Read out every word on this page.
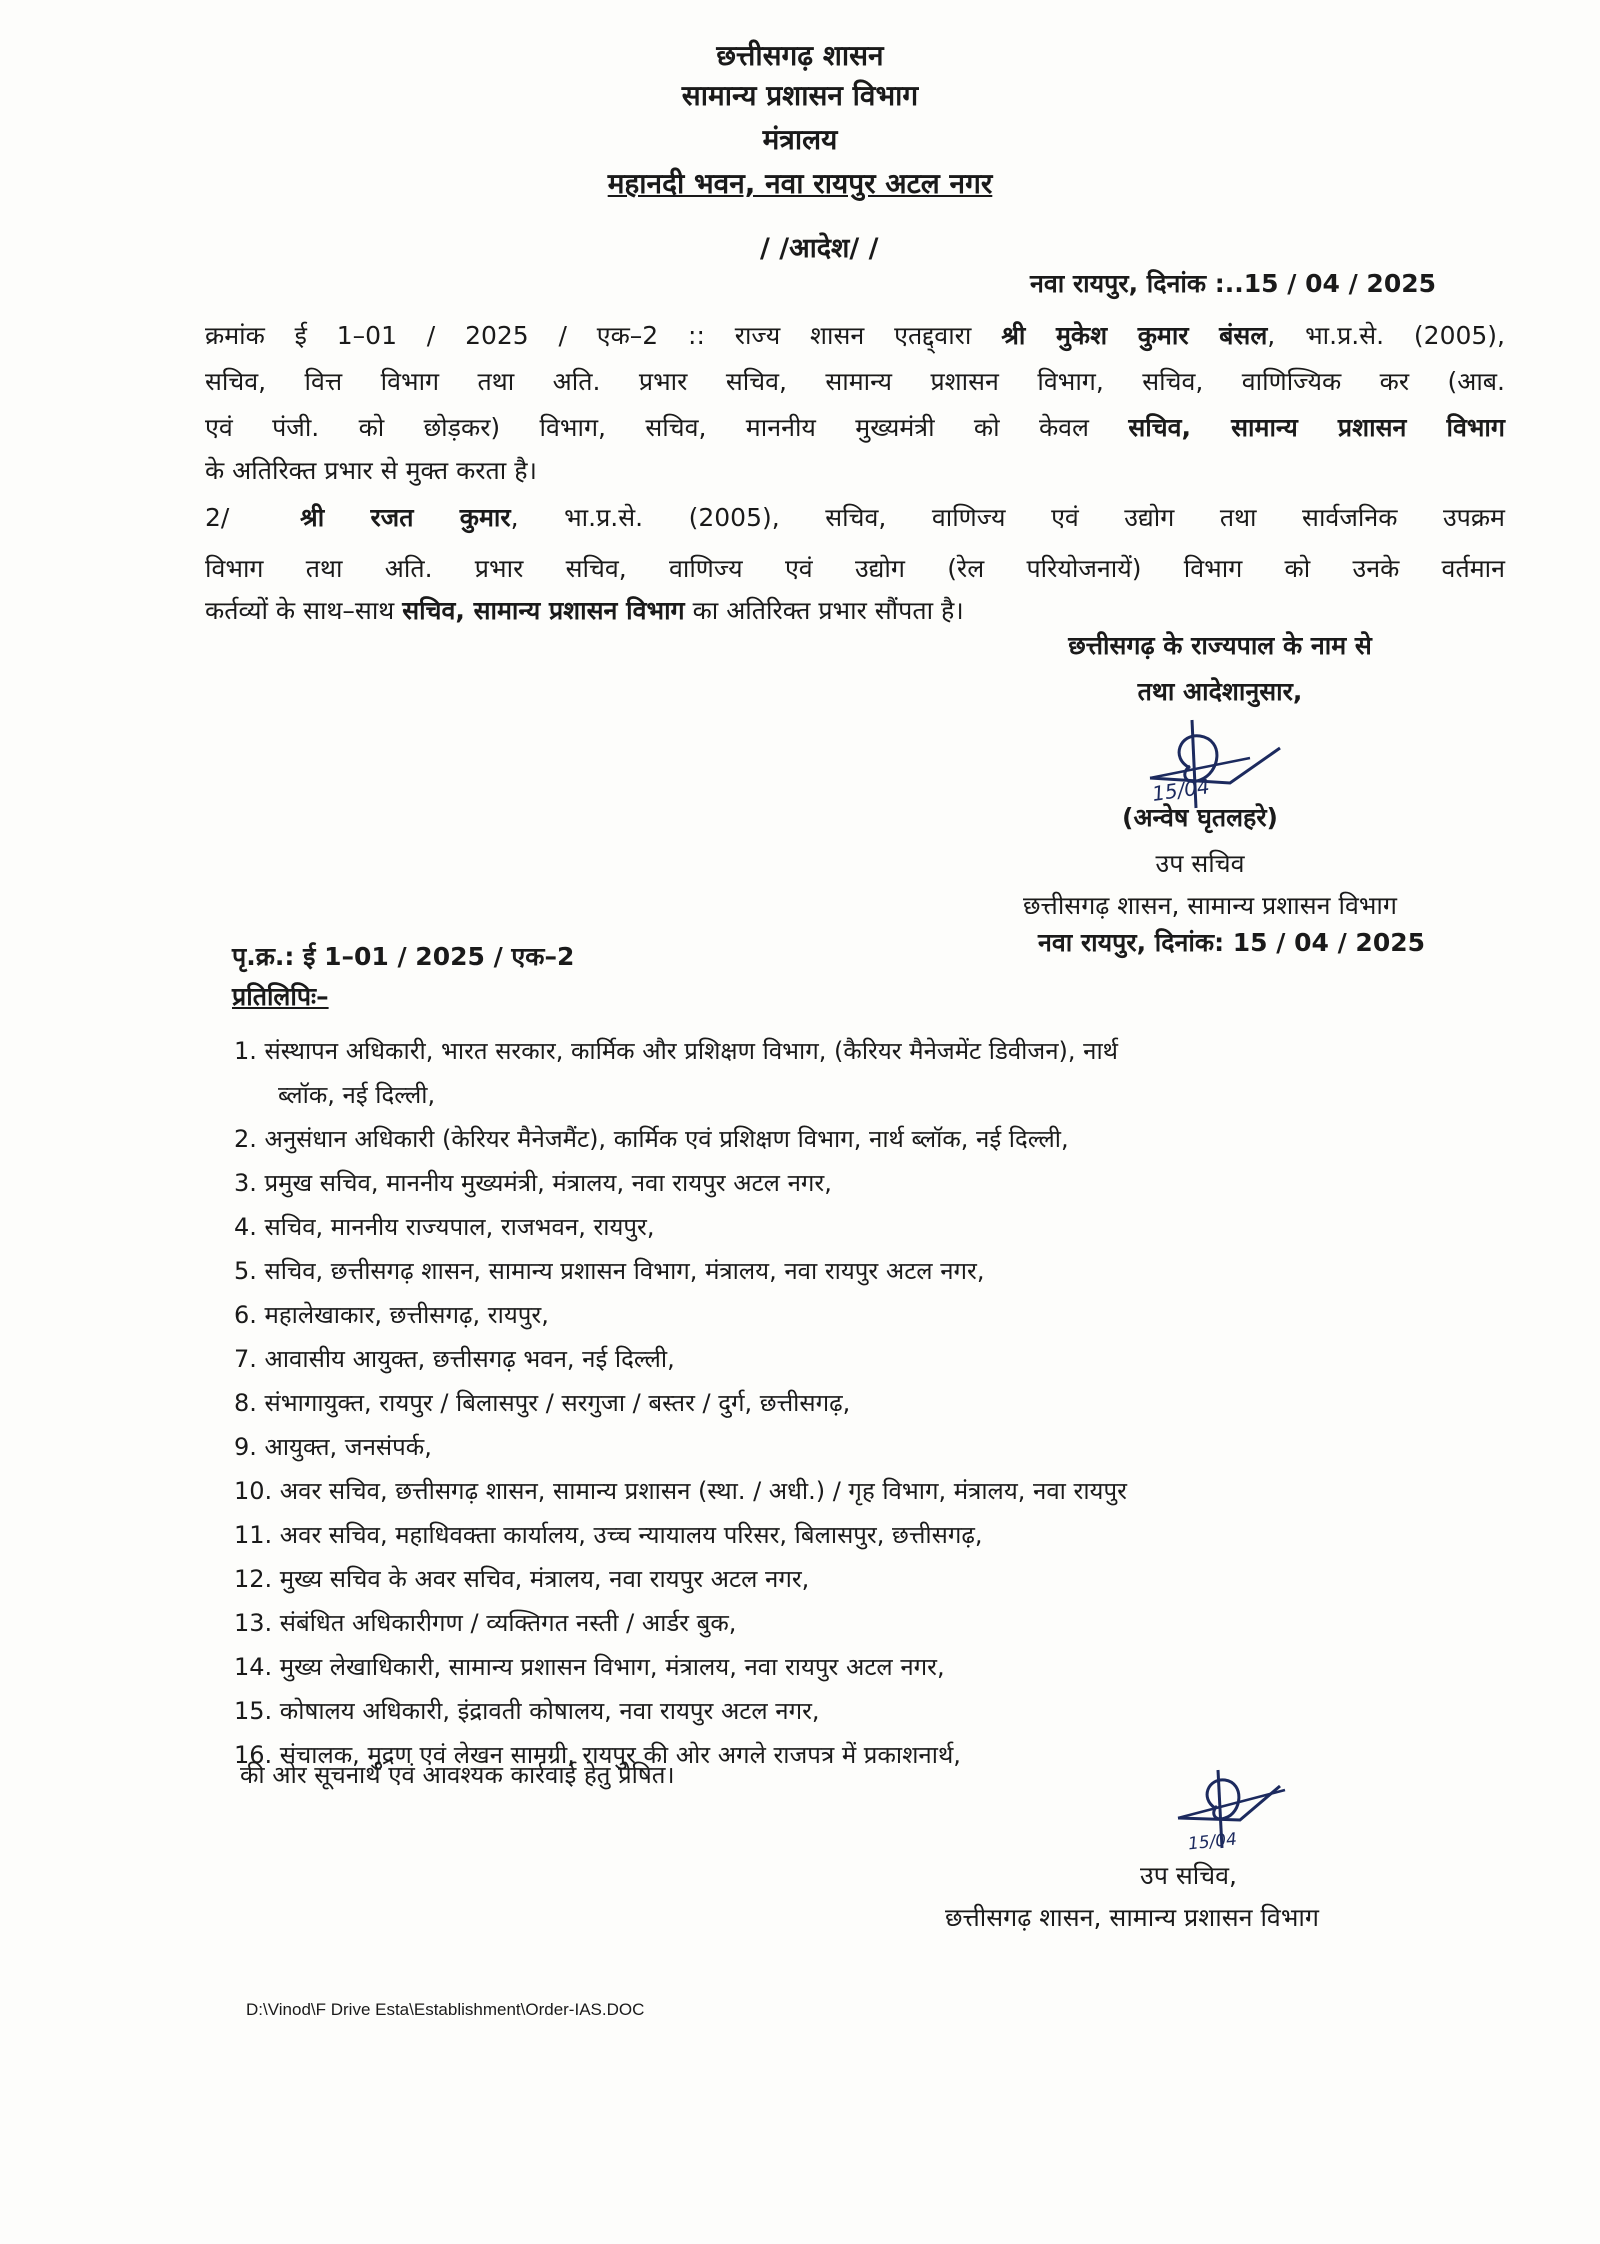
छत्तीसगढ़ शासन
सामान्य प्रशासन विभाग
मंत्रालय
महानदी भवन, नवा रायपुर अटल नगर
/ /आदेश/ /
नवा रायपुर, दिनांक :..15 / 04 / 2025
क्रमांक ई 1–01 / 2025 / एक–2 :: राज्य शासन एतद्द्वारा श्री मुकेश कुमार बंसल, भा.प्र.से. (2005),
सचिव, वित्त विभाग तथा अति. प्रभार सचिव, सामान्य प्रशासन विभाग, सचिव, वाणिज्यिक कर (आब.
एवं पंजी. को छोड़कर) विभाग, सचिव, माननीय मुख्यमंत्री को केवल सचिव, सामान्य प्रशासन विभाग
के अतिरिक्त प्रभार से मुक्त करता है।
2/	श्री रजत कुमार, भा.प्र.से. (2005), सचिव, वाणिज्य एवं उद्योग तथा सार्वजनिक उपक्रम
विभाग तथा अति. प्रभार सचिव, वाणिज्य एवं उद्योग (रेल परियोजनायें) विभाग को उनके वर्तमान
कर्तव्यों के साथ–साथ सचिव, सामान्य प्रशासन विभाग का अतिरिक्त प्रभार सौंपता है।
छत्तीसगढ़ के राज्यपाल के नाम से
तथा आदेशानुसार,
15/04
(अन्वेष घृतलहरे)
उप सचिव
छत्तीसगढ़ शासन, सामान्य प्रशासन विभाग
पृ.क्र.: ई 1–01 / 2025 / एक–2	नवा रायपुर, दिनांक: 15 / 04 / 2025
प्रतिलिपिः–
1. संस्थापन अधिकारी, भारत सरकार, कार्मिक और प्रशिक्षण विभाग, (कैरियर मैनेजमेंट डिवीजन), नार्थ
ब्लॉक, नई दिल्ली,
2. अनुसंधान अधिकारी (केरियर मैनेजमैंट), कार्मिक एवं प्रशिक्षण विभाग, नार्थ ब्लॉक, नई दिल्ली,
3. प्रमुख सचिव, माननीय मुख्यमंत्री, मंत्रालय, नवा रायपुर अटल नगर,
4. सचिव, माननीय राज्यपाल, राजभवन, रायपुर,
5. सचिव, छत्तीसगढ़ शासन, सामान्य प्रशासन विभाग, मंत्रालय, नवा रायपुर अटल नगर,
6. महालेखाकार, छत्तीसगढ़, रायपुर,
7. आवासीय आयुक्त, छत्तीसगढ़ भवन, नई दिल्ली,
8. संभागायुक्त, रायपुर / बिलासपुर / सरगुजा / बस्तर / दुर्ग, छत्तीसगढ़,
9. आयुक्त, जनसंपर्क,
10. अवर सचिव, छत्तीसगढ़ शासन, सामान्य प्रशासन (स्था. / अधी.) / गृह विभाग, मंत्रालय, नवा रायपुर
11. अवर सचिव, महाधिवक्ता कार्यालय, उच्च न्यायालय परिसर, बिलासपुर, छत्तीसगढ़,
12. मुख्य सचिव के अवर सचिव, मंत्रालय, नवा रायपुर अटल नगर,
13. संबंधित अधिकारीगण / व्यक्तिगत नस्ती / आर्डर बुक,
14. मुख्य लेखाधिकारी, सामान्य प्रशासन विभाग, मंत्रालय, नवा रायपुर अटल नगर,
15. कोषालय अधिकारी, इंद्रावती कोषालय, नवा रायपुर अटल नगर,
16. संचालक, मुद्रण एवं लेखन सामग्री, रायपुर की ओर अगले राजपत्र में प्रकाशनार्थ,
की ओर सूचनार्थ एवं आवश्यक कार्रवाई हेतु प्रेषित।
15/04
उप सचिव,
छत्तीसगढ़ शासन, सामान्य प्रशासन विभाग
D:\Vinod\F Drive Esta\Establishment\Order-IAS.DOC
